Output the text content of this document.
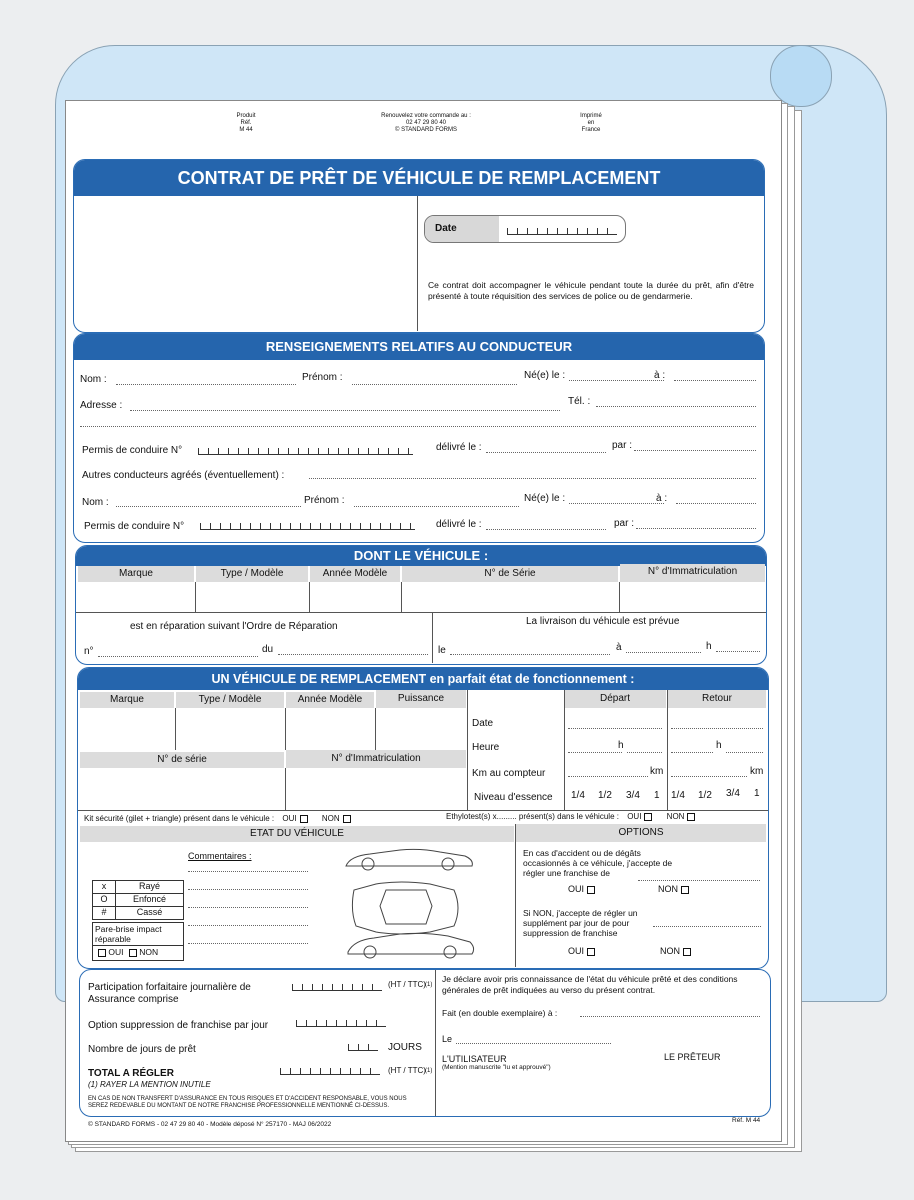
Produit
Réf.
M 44
Renouvelez votre commande au :
02 47 29 80 40
© STANDARD FORMS
Imprimé
en
France
CONTRAT DE PRÊT DE VÉHICULE DE REMPLACEMENT
Date
Ce contrat doit accompagner le véhicule pendant toute la durée du prêt, afin d'être présenté à toute réquisition des services de police ou de gendarmerie.
RENSEIGNEMENTS RELATIFS AU CONDUCTEUR
Nom :	Prénom :	Né(e) le :	à :
Adresse :	Tél. :
Permis de conduire N°	délivré le :	par :
Autres conducteurs agréés (éventuellement) :
Nom :	Prénom :	Né(e) le :	à :
Permis de conduire N°	délivré le :	par :
DONT LE VÉHICULE :
Marque	Type / Modèle	Année Modèle	N° de Série	N° d'Immatriculation
est en réparation suivant l'Ordre de Réparation
n°	du
La livraison du véhicule est prévue
le	à	h
UN VÉHICULE DE REMPLACEMENT en parfait état de fonctionnement :
Marque	Type / Modèle	Année Modèle	Puissance
N° de série	N° d'Immatriculation
Départ	Retour
Date
Heure	h	h
Km au compteur	km	km
Niveau d'essence 1/4 1/2 3/4 1 1/4 1/2 3/4 1
Kit sécurité (gilet + triangle) présent dans le véhicule : OUI	NON	Ethylotest(s) x......... présent(s) dans le véhicule : OUI	NON
ETAT DU VÉHICULE	OPTIONS
Commentaires :
x	Rayé
O	Enfoncé
#	Cassé
Pare-brise impact réparable
OUI NON
En cas d'accident ou de dégâts occasionnés à ce véhicule, j'accepte de régler une franchise de
OUI	NON
Si NON, j'accepte de régler un supplément par jour de pour suppression de franchise
OUI	NON
Participation forfaitaire journalière de Assurance comprise
(HT / TTC) (1)
Option suppression de franchise par jour
Nombre de jours de prêt	JOURS
TOTAL A RÉGLER	(HT / TTC) (1)
(1) RAYER LA MENTION INUTILE
EN CAS DE NON TRANSFERT D'ASSURANCE EN TOUS RISQUES ET D'ACCIDENT RESPONSABLE, VOUS NOUS SEREZ REDEVABLE DU MONTANT DE NOTRE FRANCHISE PROFESSIONNELLE MENTIONNÉ CI-DESSUS.
Je déclare avoir pris connaissance de l'état du véhicule prêté et des conditions générales de prêt indiquées au verso du présent contrat.
Fait (en double exemplaire) à :
Le
L'UTILISATEUR
(Mention manuscrite "lu et approuvé")
LE PRÊTEUR
© STANDARD FORMS - 02 47 29 80 40 - Modèle déposé N° 257170 - MAJ 06/2022
Réf. M 44
